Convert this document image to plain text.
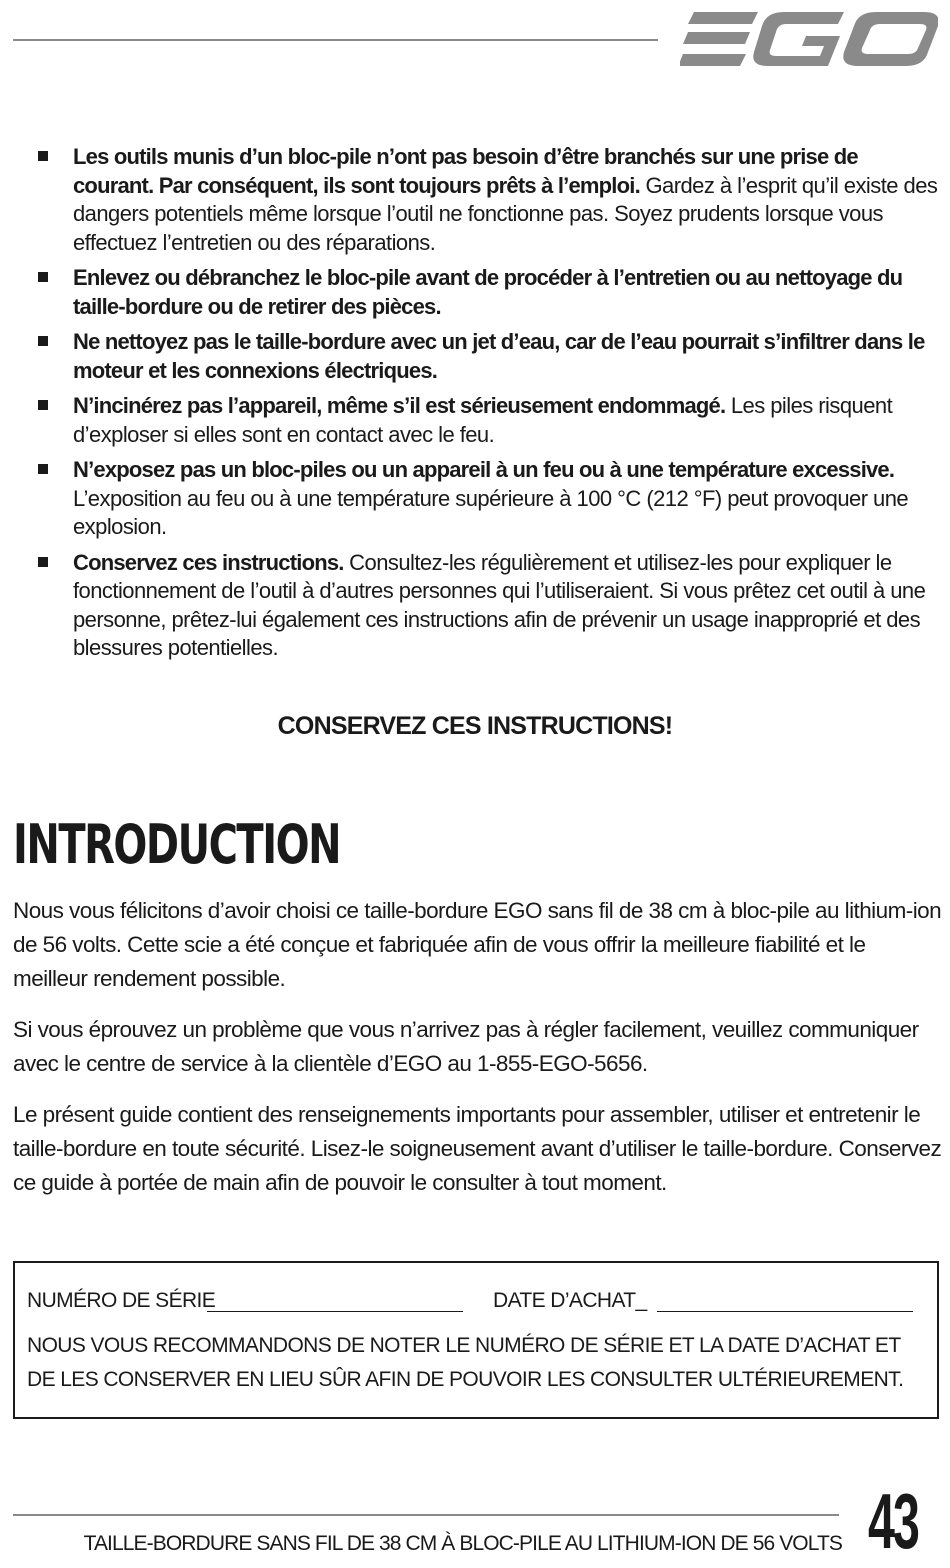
Les outils munis d’un bloc-pile n’ont pas besoin d’être branchés sur une prise de courant. Par conséquent, ils sont toujours prêts à l’emploi. Gardez à l’esprit qu’il existe des dangers potentiels même lorsque l’outil ne fonctionne pas. Soyez prudents lorsque vous effectuez l’entretien ou des réparations.
Enlevez ou débranchez le bloc-pile avant de procéder à l’entretien ou au nettoyage du taille-bordure ou de retirer des pièces.
Ne nettoyez pas le taille-bordure avec un jet d’eau, car de l’eau pourrait s’infiltrer dans le moteur et les connexions électriques.
N’incinérez pas l’appareil, même s’il est sérieusement endommagé. Les piles risquent d’exploser si elles sont en contact avec le feu.
N’exposez pas un bloc-piles ou un appareil à un feu ou à une température excessive. L’exposition au feu ou à une température supérieure à 100 °C (212 °F) peut provoquer une explosion.
Conservez ces instructions. Consultez-les régulièrement et utilisez-les pour expliquer le fonctionnement de l’outil à d’autres personnes qui l’utiliseraient. Si vous prêtez cet outil à une personne, prêtez-lui également ces instructions afin de prévenir un usage inapproprié et des blessures potentielles.
CONSERVEZ CES INSTRUCTIONS!
INTRODUCTION

Nous vous félicitons d’avoir choisi ce taille-bordure EGO sans fil de 38 cm à bloc-pile au lithium-ion de 56 volts. Cette scie a été conçue et fabriquée afin de vous offrir la meilleure fiabilité et le meilleur rendement possible.

Si vous éprouvez un problème que vous n’arrivez pas à régler facilement, veuillez communiquer avec le centre de service à la clientèle d’EGO au 1-855-EGO-5656.

Le présent guide contient des renseignements importants pour assembler, utiliser et entretenir le taille-bordure en toute sécurité. Lisez-le soigneusement avant d’utiliser le taille-bordure. Conservez ce guide à portée de main afin de pouvoir le consulter à tout moment.

NUMÉRO DE SÉRIE	DATE D’ACHAT_
NOUS VOUS RECOMMANDONS DE NOTER LE NUMÉRO DE SÉRIE ET LA DATE D’ACHAT ET DE LES CONSERVER EN LIEU SÛR AFIN DE POUVOIR LES CONSULTER ULTÉRIEUREMENT.
TAILLE-BORDURE SANS FIL DE 38 CM À BLOC-PILE AU LITHIUM-ION DE 56 VOLTS 43
